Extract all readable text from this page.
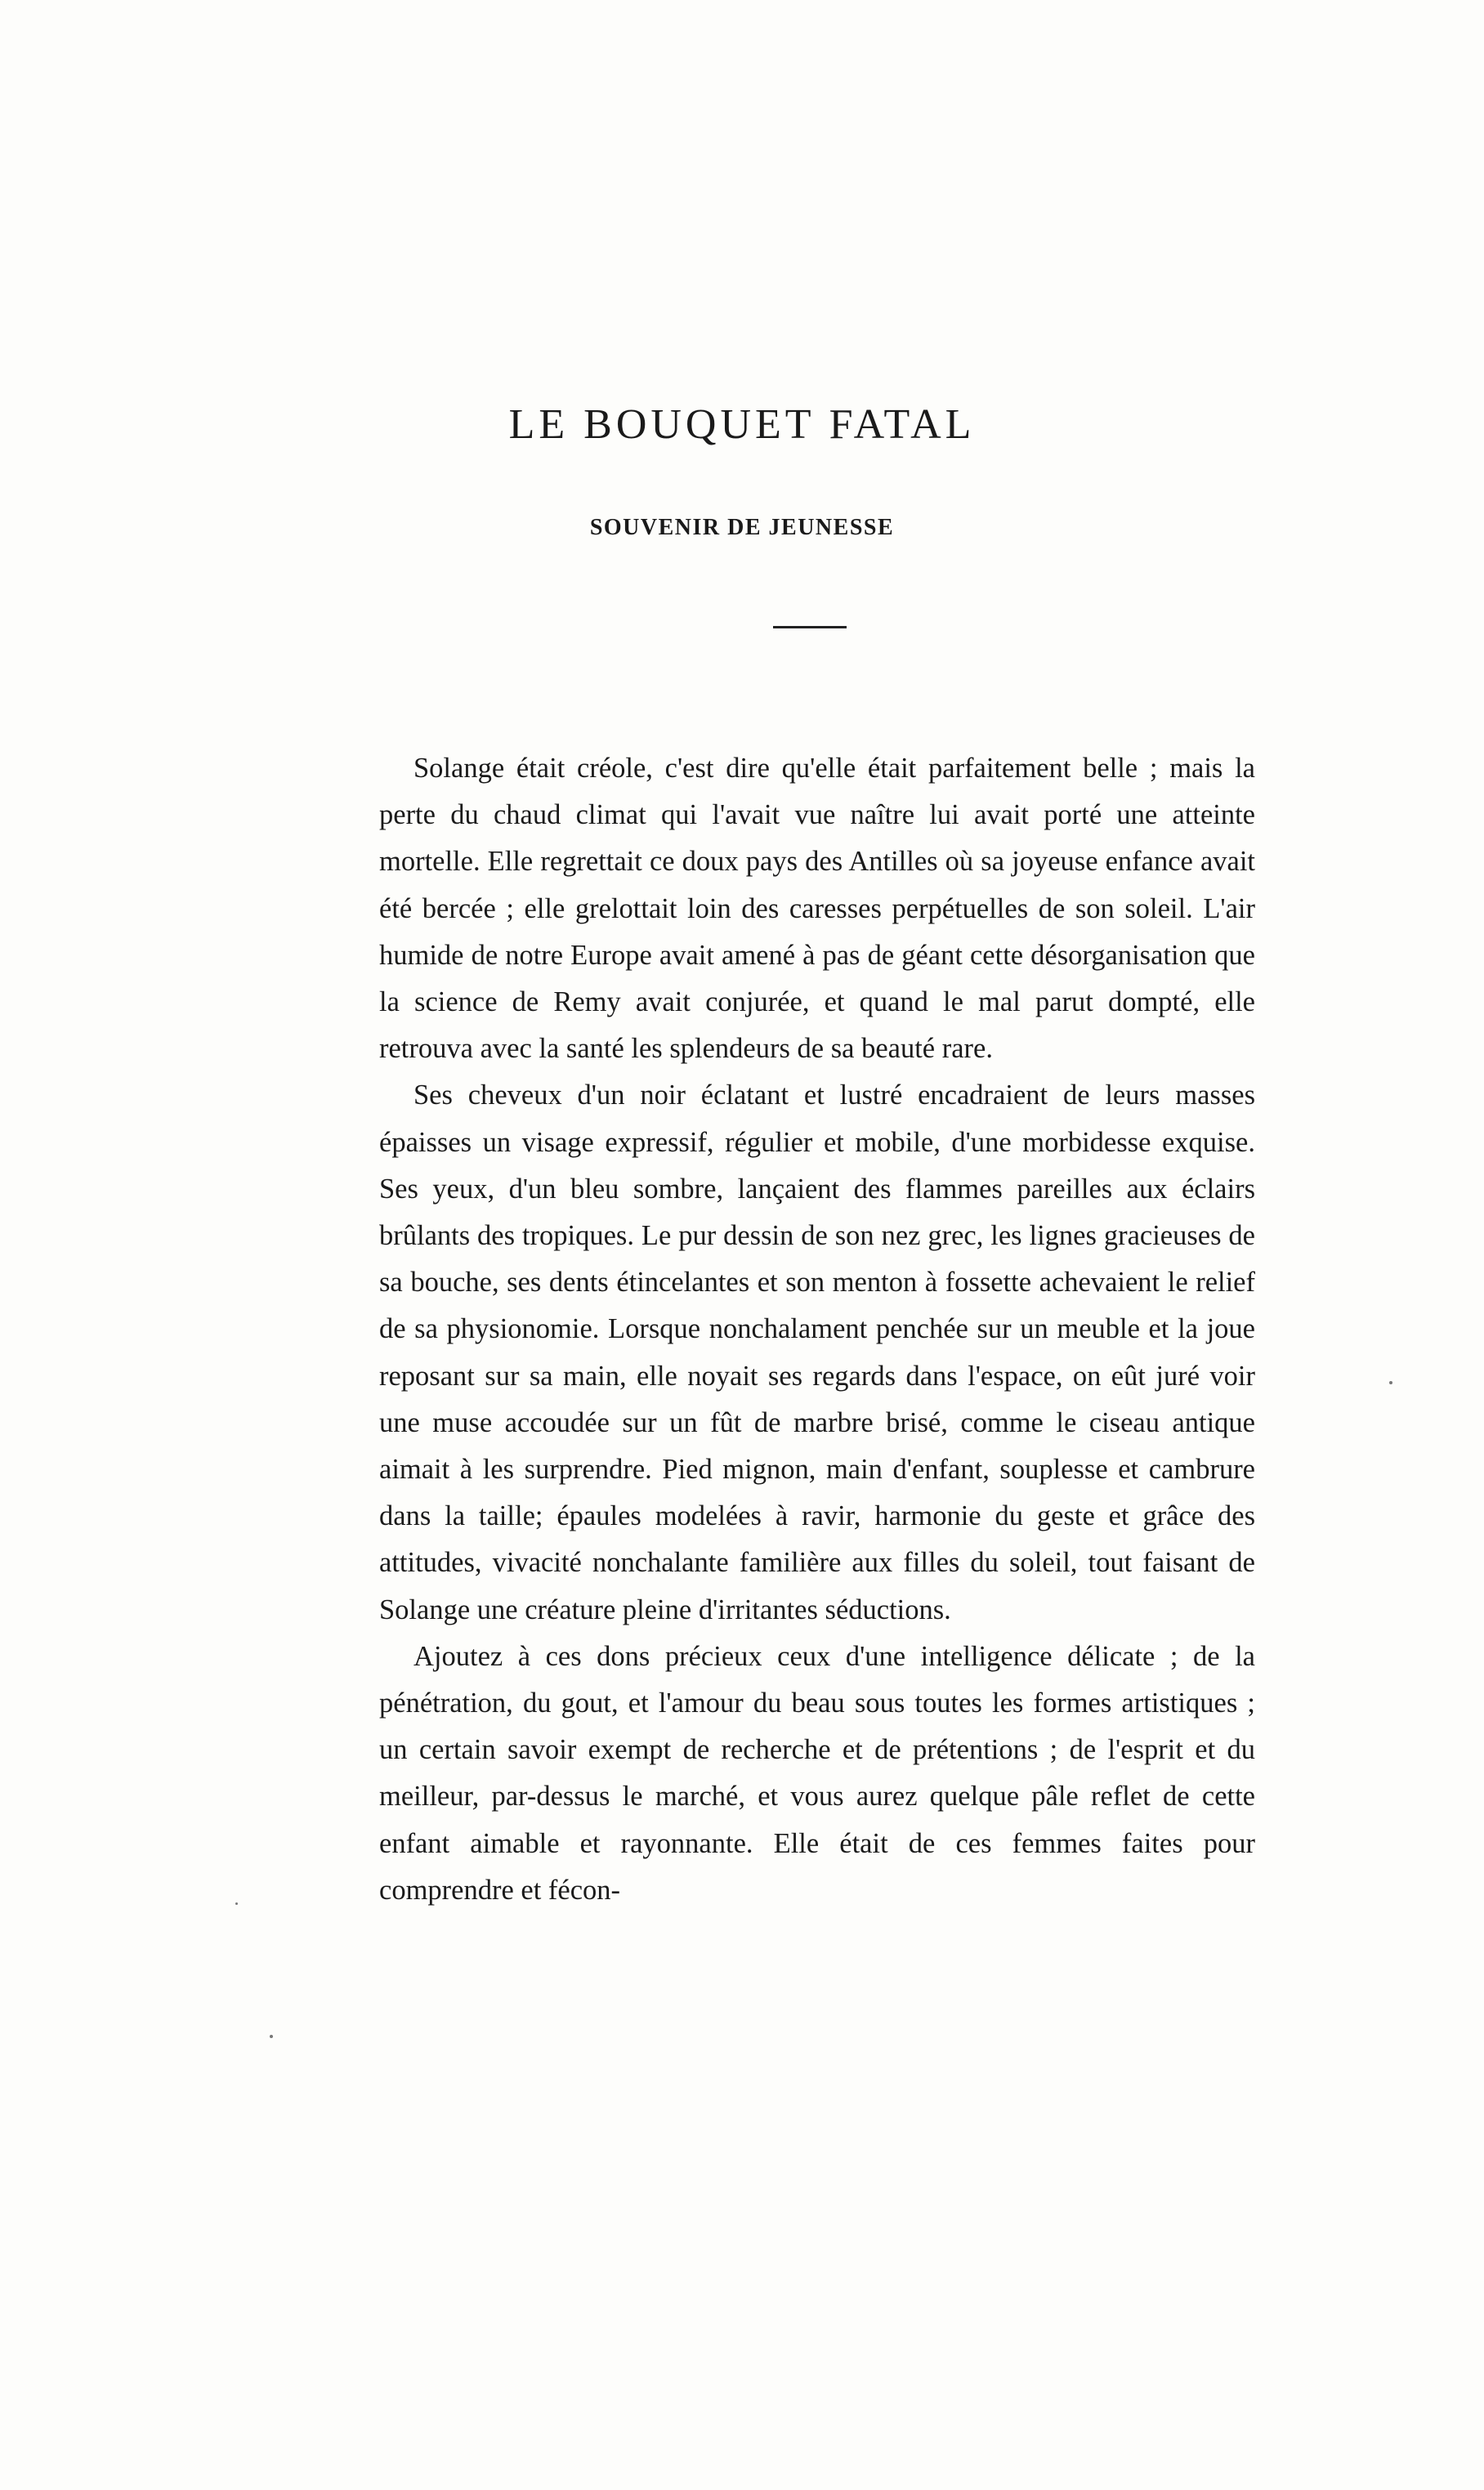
LE BOUQUET FATAL
SOUVENIR DE JEUNESSE

Solange était créole, c'est dire qu'elle était parfaitement belle ; mais la perte du chaud climat qui l'avait vue naître lui avait porté une atteinte mortelle. Elle regrettait ce doux pays des Antilles où sa joyeuse enfance avait été bercée ; elle grelottait loin des caresses perpétuelles de son soleil. L'air humide de notre Europe avait amené à pas de géant cette désorganisation que la science de Remy avait conjurée, et quand le mal parut dompté, elle retrouva avec la santé les splendeurs de sa beauté rare.

Ses cheveux d'un noir éclatant et lustré encadraient de leurs masses épaisses un visage expressif, régulier et mobile, d'une morbidesse exquise. Ses yeux, d'un bleu sombre, lançaient des flammes pareilles aux éclairs brûlants des tropiques. Le pur dessin de son nez grec, les lignes gracieuses de sa bouche, ses dents étincelantes et son menton à fossette achevaient le relief de sa physionomie. Lorsque nonchalament penchée sur un meuble et la joue reposant sur sa main, elle noyait ses regards dans l'espace, on eût juré voir une muse accoudée sur un fût de marbre brisé, comme le ciseau antique aimait à les surprendre. Pied mignon, main d'enfant, souplesse et cambrure dans la taille; épaules modelées à ravir, harmonie du geste et grâce des attitudes, vivacité nonchalante familière aux filles du soleil, tout faisant de Solange une créature pleine d'irritantes séductions.

Ajoutez à ces dons précieux ceux d'une intelligence délicate ; de la pénétration, du gout, et l'amour du beau sous toutes les formes artistiques ; un certain savoir exempt de recherche et de prétentions ; de l'esprit et du meilleur, par-dessus le marché, et vous aurez quelque pâle reflet de cette enfant aimable et rayonnante. Elle était de ces femmes faites pour comprendre et fécon-
